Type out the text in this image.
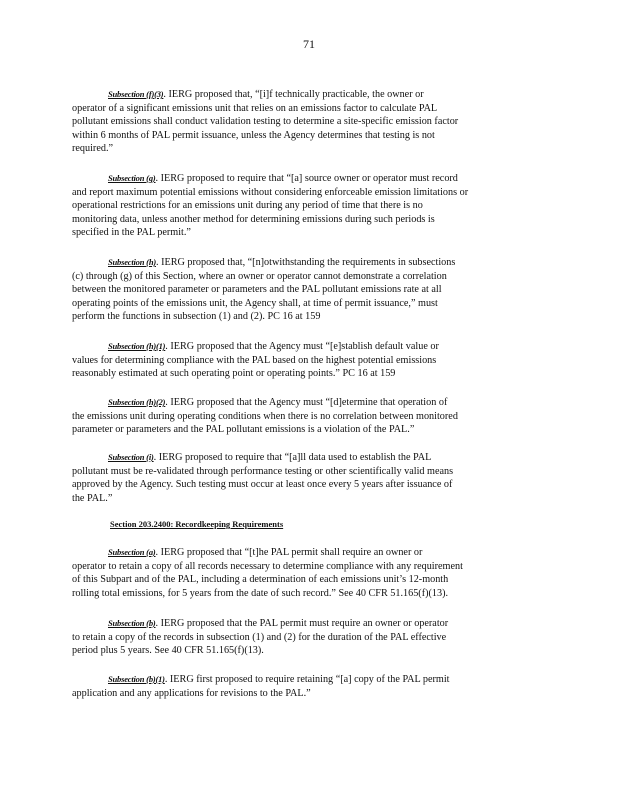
71
Subsection (f)(3). IERG proposed that, “[i]f technically practicable, the owner or
operator of a significant emissions unit that relies on an emissions factor to calculate PAL
pollutant emissions shall conduct validation testing to determine a site-specific emission factor
within 6 months of PAL permit issuance, unless the Agency determines that testing is not
required.”
Subsection (g). IERG proposed to require that “[a] source owner or operator must record
and report maximum potential emissions without considering enforceable emission limitations or
operational restrictions for an emissions unit during any period of time that there is no
monitoring data, unless another method for determining emissions during such periods is
specified in the PAL permit.”
Subsection (h). IERG proposed that, “[n]otwithstanding the requirements in subsections
(c) through (g) of this Section, where an owner or operator cannot demonstrate a correlation
between the monitored parameter or parameters and the PAL pollutant emissions rate at all
operating points of the emissions unit, the Agency shall, at time of permit issuance,” must
perform the functions in subsection (1) and (2). PC 16 at 159
Subsection (h)(1). IERG proposed that the Agency must “[e]stablish default value or
values for determining compliance with the PAL based on the highest potential emissions
reasonably estimated at such operating point or operating points.” PC 16 at 159
Subsection (h)(2). IERG proposed that the Agency must “[d]etermine that operation of
the emissions unit during operating conditions when there is no correlation between monitored
parameter or parameters and the PAL pollutant emissions is a violation of the PAL.”
Subsection (i). IERG proposed to require that “[a]ll data used to establish the PAL
pollutant must be re-validated through performance testing or other scientifically valid means
approved by the Agency. Such testing must occur at least once every 5 years after issuance of
the PAL.”
Section 203.2400: Recordkeeping Requirements
Subsection (a). IERG proposed that “[t]he PAL permit shall require an owner or
operator to retain a copy of all records necessary to determine compliance with any requirement
of this Subpart and of the PAL, including a determination of each emissions unit’s 12-month
rolling total emissions, for 5 years from the date of such record.” See 40 CFR 51.165(f)(13).
Subsection (b). IERG proposed that the PAL permit must require an owner or operator
to retain a copy of the records in subsection (1) and (2) for the duration of the PAL effective
period plus 5 years. See 40 CFR 51.165(f)(13).
Subsection (b)(1). IERG first proposed to require retaining “[a] copy of the PAL permit
application and any applications for revisions to the PAL.”
